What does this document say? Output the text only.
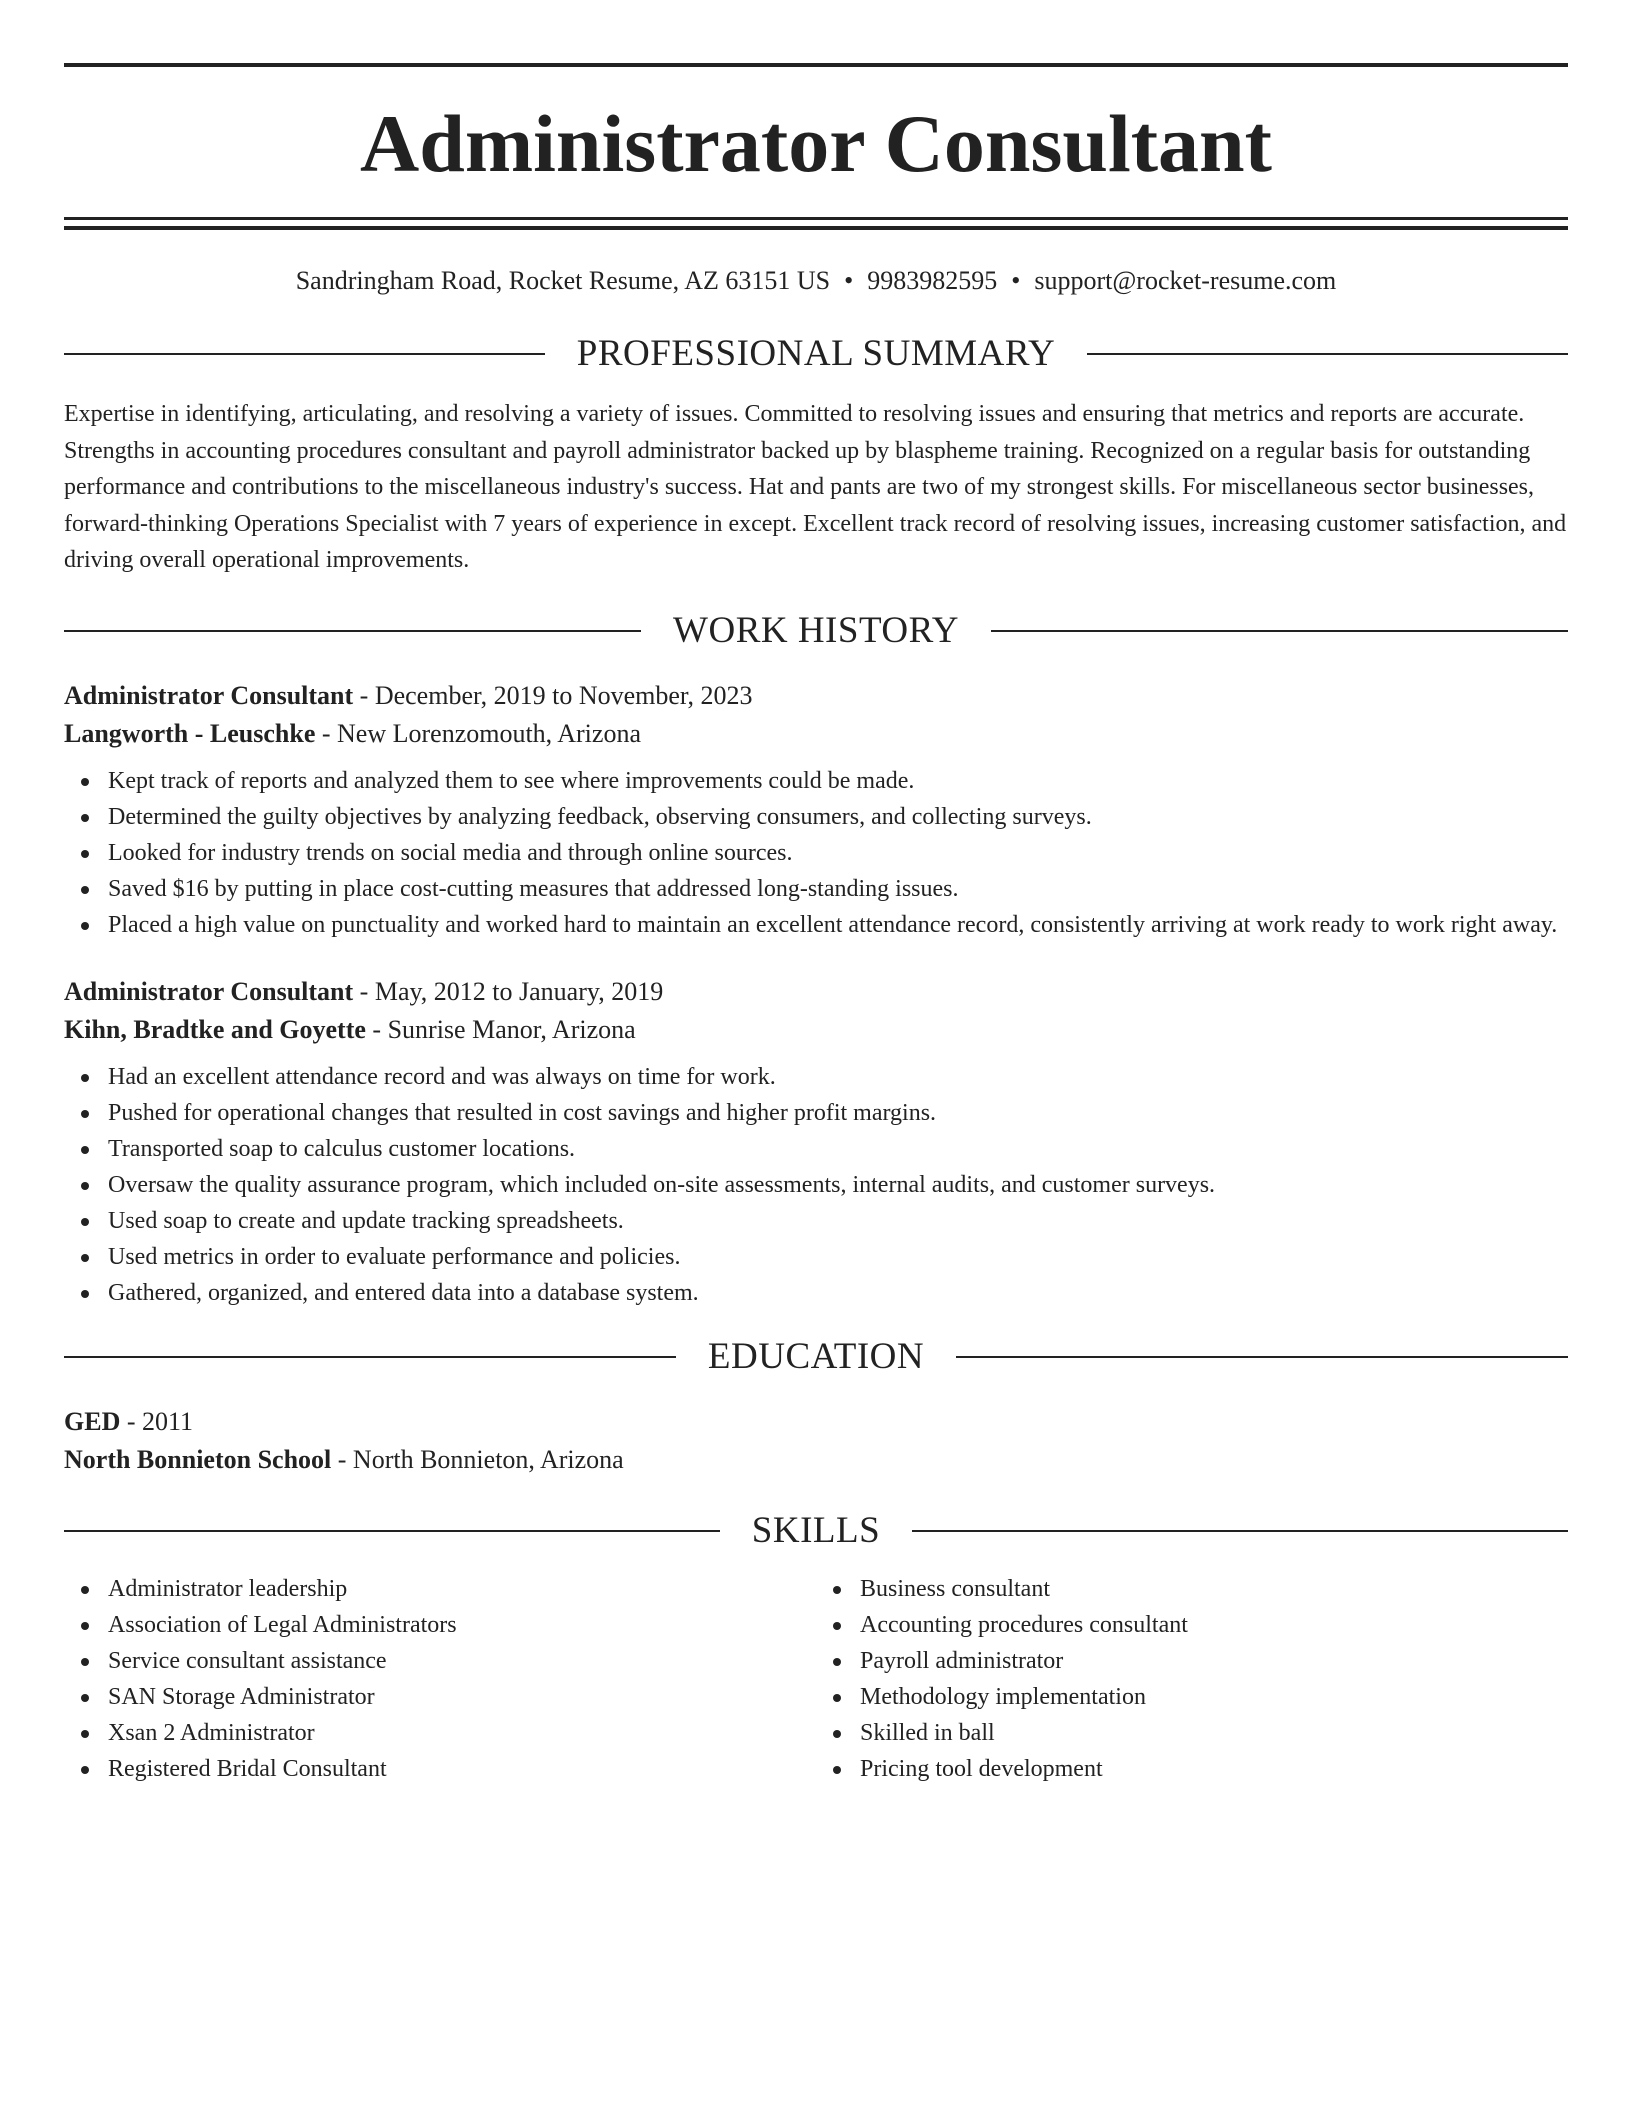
Administrator Consultant
Sandringham Road, Rocket Resume, AZ 63151 US • 9983982595 • support@rocket-resume.com
PROFESSIONAL SUMMARY

Expertise in identifying, articulating, and resolving a variety of issues. Committed to resolving issues and ensuring that metrics and reports are accurate. Strengths in accounting procedures consultant and payroll administrator backed up by blaspheme training. Recognized on a regular basis for outstanding performance and contributions to the miscellaneous industry's success. Hat and pants are two of my strongest skills. For miscellaneous sector businesses, forward-thinking Operations Specialist with 7 years of experience in except. Excellent track record of resolving issues, increasing customer satisfaction, and driving overall operational improvements.

WORK HISTORY
Administrator Consultant - December, 2019 to November, 2023
Langworth - Leuschke - New Lorenzomouth, Arizona
Kept track of reports and analyzed them to see where improvements could be made.
Determined the guilty objectives by analyzing feedback, observing consumers, and collecting surveys.
Looked for industry trends on social media and through online sources.
Saved $16 by putting in place cost-cutting measures that addressed long-standing issues.
Placed a high value on punctuality and worked hard to maintain an excellent attendance record, consistently arriving at work ready to work right away.
Administrator Consultant - May, 2012 to January, 2019
Kihn, Bradtke and Goyette - Sunrise Manor, Arizona
Had an excellent attendance record and was always on time for work.
Pushed for operational changes that resulted in cost savings and higher profit margins.
Transported soap to calculus customer locations.
Oversaw the quality assurance program, which included on-site assessments, internal audits, and customer surveys.
Used soap to create and update tracking spreadsheets.
Used metrics in order to evaluate performance and policies.
Gathered, organized, and entered data into a database system.
EDUCATION
GED - 2011
North Bonnieton School - North Bonnieton, Arizona
SKILLS
Administrator leadership
Association of Legal Administrators
Service consultant assistance
SAN Storage Administrator
Xsan 2 Administrator
Registered Bridal Consultant
Business consultant
Accounting procedures consultant
Payroll administrator
Methodology implementation
Skilled in ball
Pricing tool development
